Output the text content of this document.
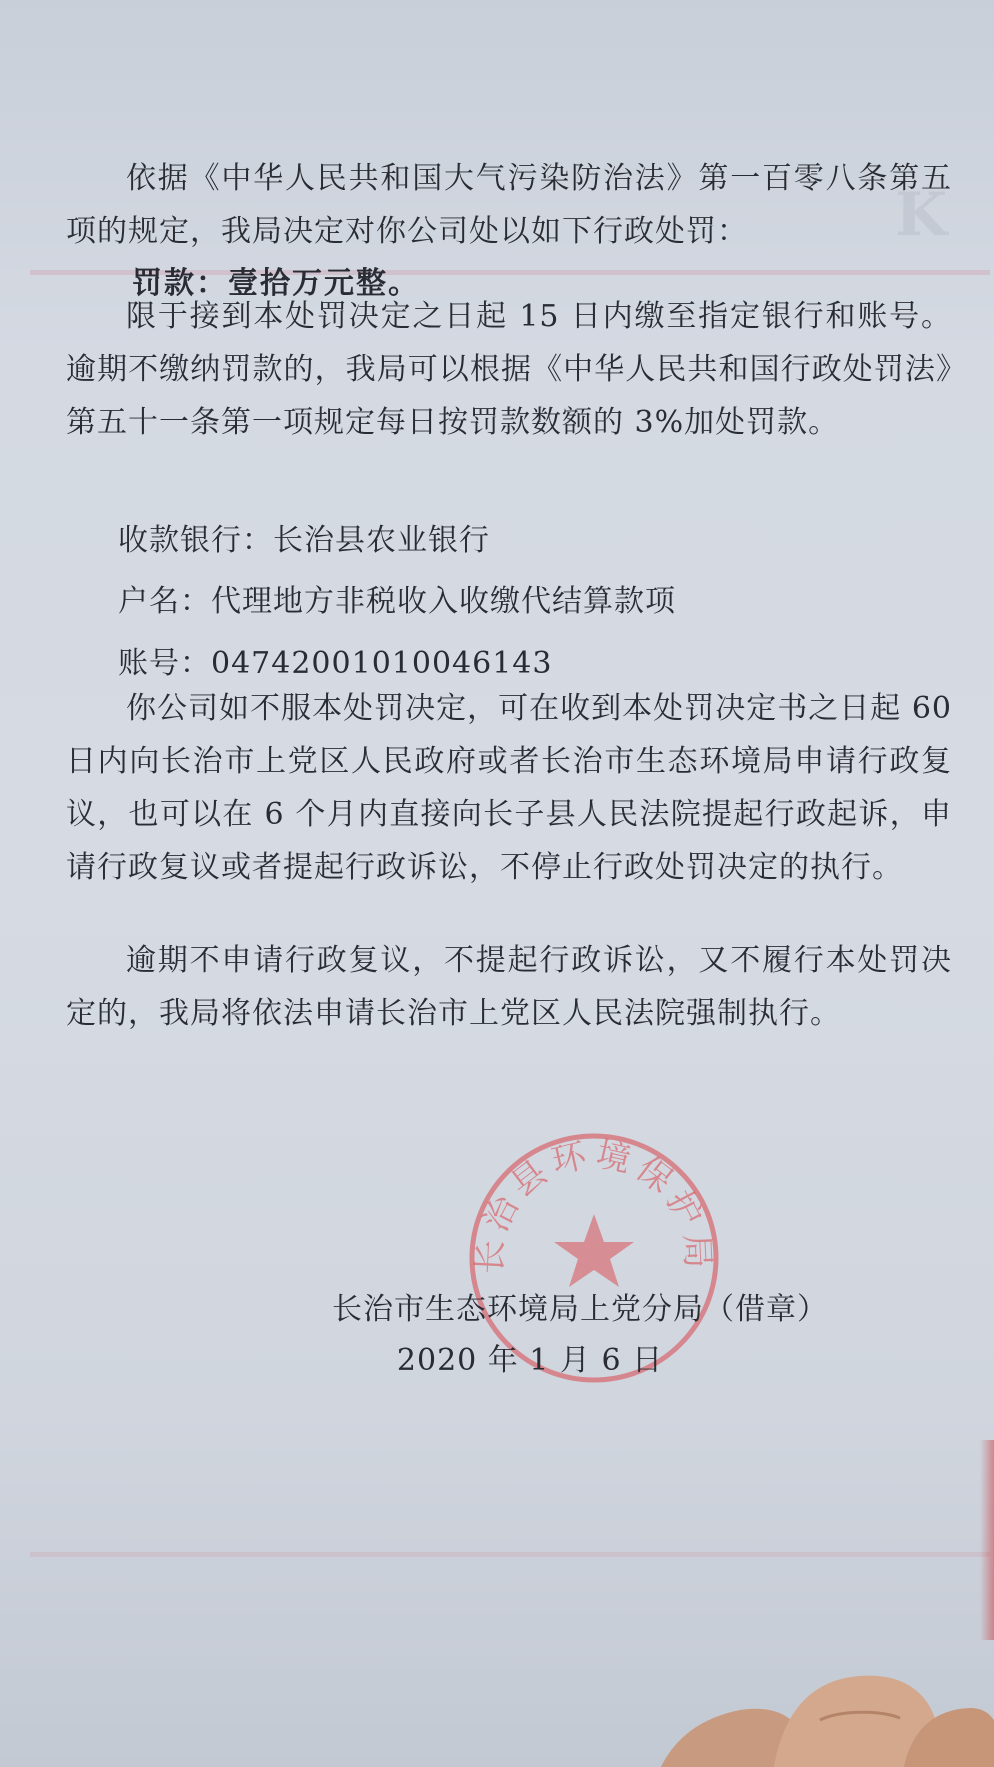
K

依据《中华人民共和国大气污染防治法》第一百零八条第五项的规定，我局决定对你公司处以如下行政处罚：

罚款：壹拾万元整。

限于接到本处罚决定之日起 15 日内缴至指定银行和账号。逾期不缴纳罚款的，我局可以根据《中华人民共和国行政处罚法》第五十一条第一项规定每日按罚款数额的 3%加处罚款。

收款银行：长治县农业银行

户名：代理地方非税收入收缴代结算款项

账号：04742001010046143

你公司如不服本处罚决定，可在收到本处罚决定书之日起 60 日内向长治市上党区人民政府或者长治市生态环境局申请行政复议，也可以在 6 个月内直接向长子县人民法院提起行政起诉，申请行政复议或者提起行政诉讼，不停止行政处罚决定的执行。

逾期不申请行政复议，不提起行政诉讼，又不履行本处罚决定的，我局将依法申请长治市上党区人民法院强制执行。

长治县环境保护局

长治市生态环境局上党分局（借章）

2020 年 1 月 6 日
